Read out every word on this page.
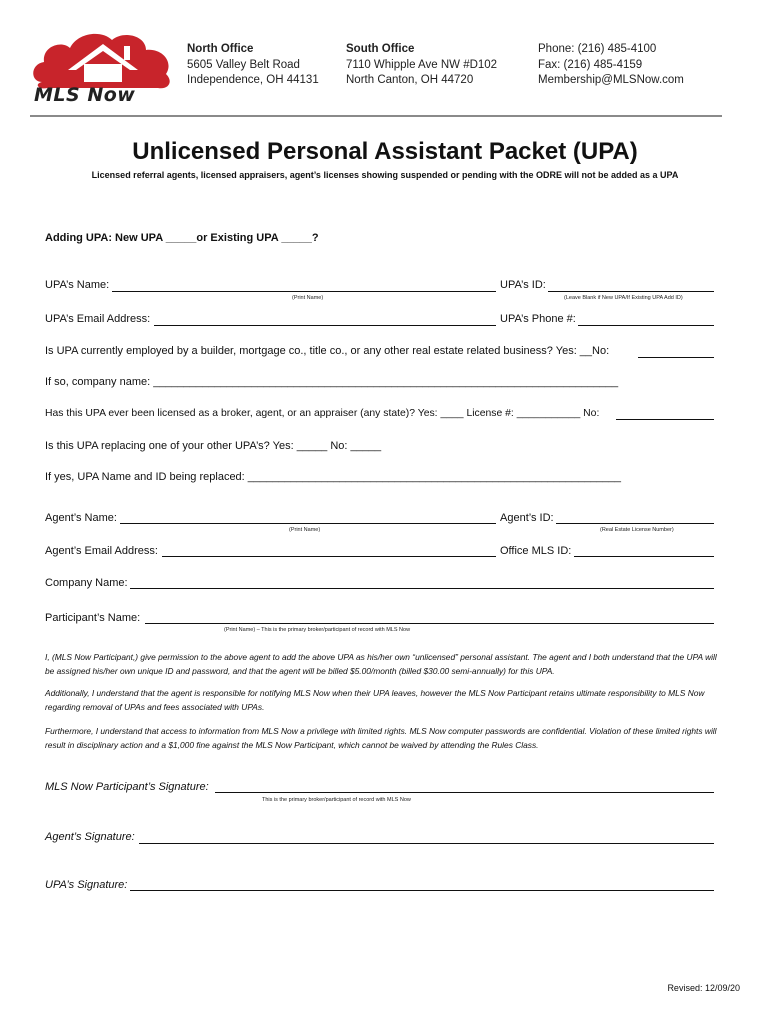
MLS Now
North Office
5605 Valley Belt Road
Independence, OH 44131
South Office
7110 Whipple Ave NW #D102
North Canton, OH 44720
Phone: (216) 485-4100
Fax: (216) 485-4159
Membership@MLSNow.com
Unlicensed Personal Assistant Packet (UPA)
Licensed referral agents, licensed appraisers, agent’s licenses showing suspended or pending with the ODRE will not be added as a UPA
Adding UPA: New UPA _____or Existing UPA _____?
UPA’s Name:
(Print Name)
UPA’s ID:
(Leave Blank if New UPA/If Existing UPA Add ID)
UPA’s Email Address:	UPA’s Phone #:
Is UPA currently employed by a builder, mortgage co., title co., or any other real estate related business? Yes: __No:
If so, company name: ____________________________________________________________________________
Has this UPA ever been licensed as a broker, agent, or an appraiser (any state)? Yes: ____ License #: ___________ No:
Is this UPA replacing one of your other UPA’s? Yes: _____ No: _____
If yes, UPA Name and ID being replaced: _____________________________________________________________
Agent’s Name:
(Print Name)
Agent’s ID:
(Real Estate License Number)
Agent’s Email Address:	Office MLS ID:
Company Name:
Participant’s Name:
(Print Name) – This is the primary broker/participant of record with MLS Now
I, (MLS Now Participant,) give permission to the above agent to add the above UPA as his/her own “unlicensed” personal assistant. The agent and I both understand that the UPA will be assigned his/her own unique ID and password, and that the agent will be billed $5.00/month (billed $30.00 semi-annually) for this UPA.
Additionally, I understand that the agent is responsible for notifying MLS Now when their UPA leaves, however the MLS Now Participant retains ultimate responsibility to MLS Now regarding removal of UPAs and fees associated with UPAs.
Furthermore, I understand that access to information from MLS Now a privilege with limited rights. MLS Now computer passwords are confidential. Violation of these limited rights will result in disciplinary action and a $1,000 fine against the MLS Now Participant, which cannot be waived by attending the Rules Class.
MLS Now Participant’s Signature:
This is the primary broker/participant of record with MLS Now
Agent’s Signature:
UPA’s Signature:
Revised: 12/09/20
